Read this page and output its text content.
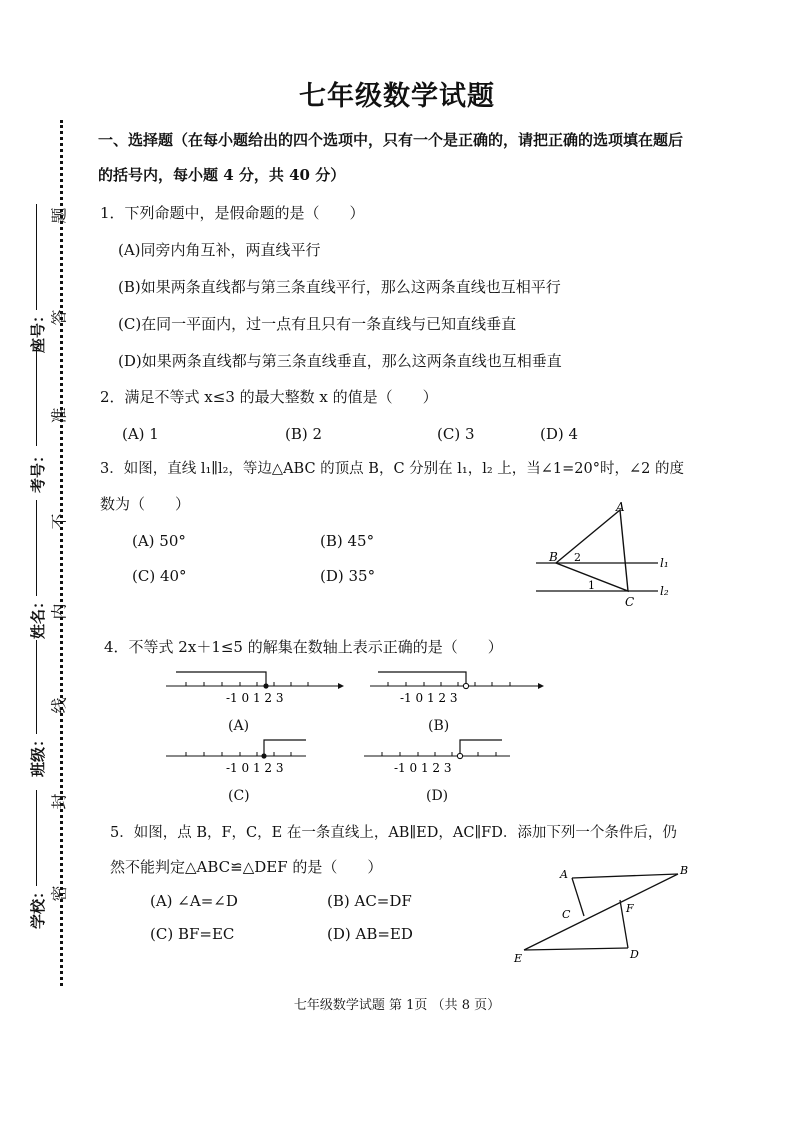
座号：
考号：
姓名：
班级：
学校：
题
答
准
不
内
线
封
密
七年级数学试题
一、选择题（在每小题给出的四个选项中，只有一个是正确的，请把正确的选项填在题后
的括号内，每小题 4 分，共 40 分）
1．下列命题中，是假命题的是（　　）
(A)同旁内角互补，两直线平行
(B)如果两条直线都与第三条直线平行，那么这两条直线也互相平行
(C)在同一平面内，过一点有且只有一条直线与已知直线垂直
(D)如果两条直线都与第三条直线垂直，那么这两条直线也互相垂直
2．满足不等式 x≤3 的最大整数 x 的值是（　　）
(A) 1	(B) 2	(C) 3	(D) 4
3．如图，直线 l₁∥l₂，等边△ABC 的顶点 B，C 分别在 l₁，l₂ 上，当∠1=20°时，∠2 的度
数为（　　）
(A) 50°	(B) 45°
(C) 40°	(D) 35°
A
B
C
1
2	l₁
l₂
4．不等式 2x＋1≤5 的解集在数轴上表示正确的是（　　）
-1 0 1 2 3
(A)
-1 0 1 2 3
(B)
-1 0 1 2 3
(C)
-1 0 1 2 3
(D)
5．如图，点 B，F，C，E 在一条直线上，AB∥ED，AC∥FD．添加下列一个条件后，仍
然不能判定△ABC≌△DEF 的是（　　）
(A) ∠A=∠D	(B) AC=DF
(C) BF=EC	(D) AB=ED
A	B
C	F
E	D
七年级数学试题 第 1页 （共 8 页）
